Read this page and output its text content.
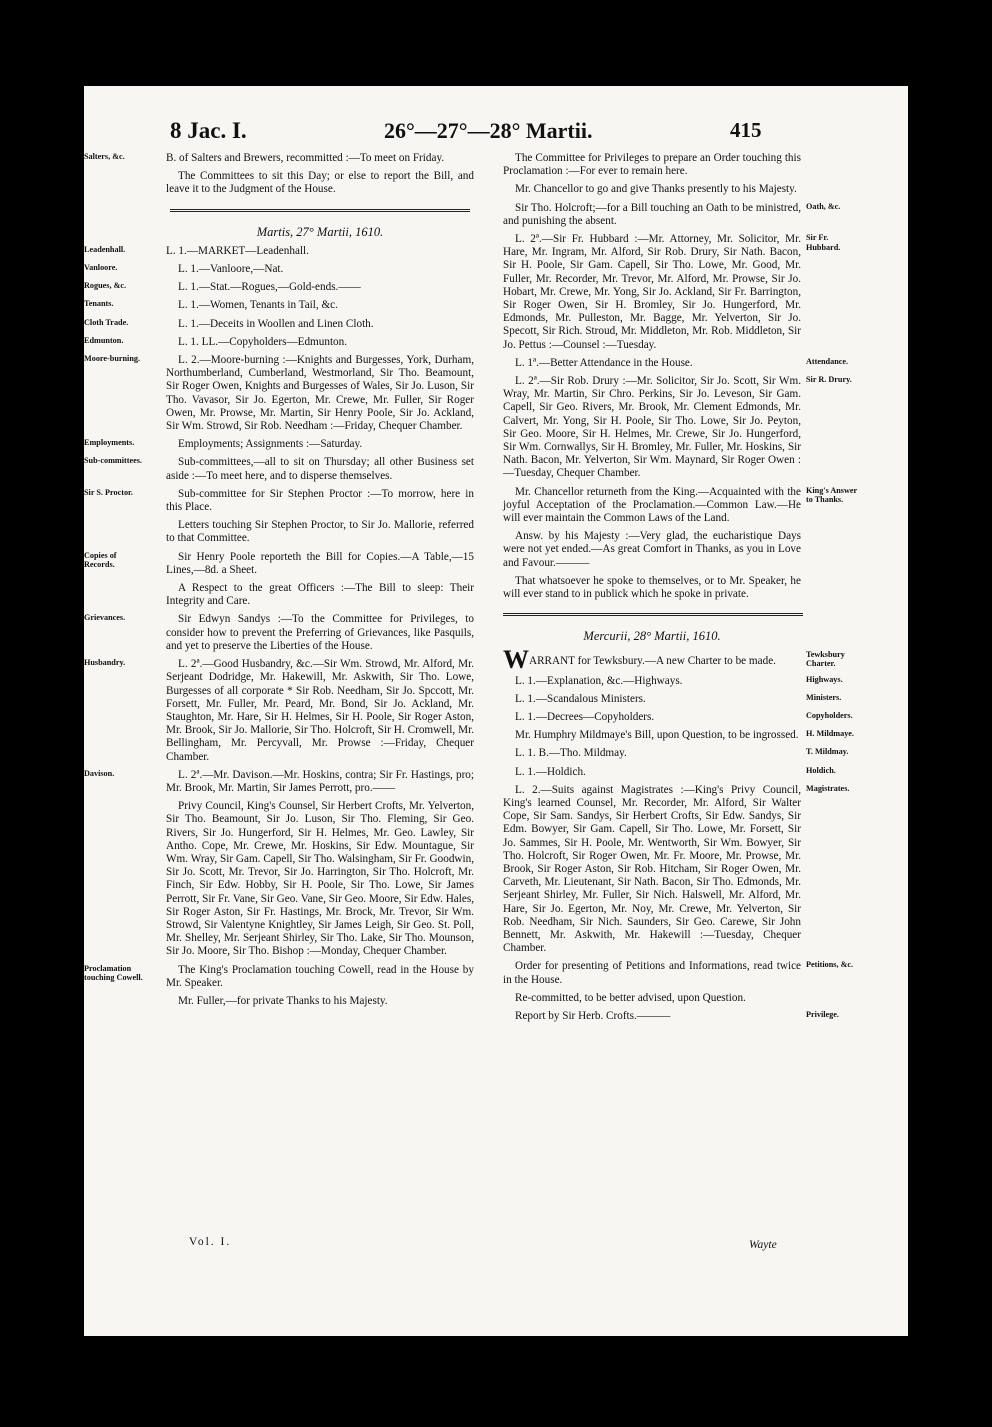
8 Jac. I.	26°—27°—28° Martii.	415

Salters, &c.	B. of Salters and Brewers, recommitted :—To meet on Friday.

The Committees to sit this Day; or else to report the Bill, and leave it to the Judgment of the House.

Martis, 27° Martii, 1610.

Leadenhall.	L. 1.—MARKET—Leadenhall.

Vanloore.	L. 1.—Vanloore,—Nat.

Rogues, &c.	L. 1.—Stat.—Rogues,—Gold-ends.——

Tenants.	L. 1.—Women, Tenants in Tail, &c.

Cloth Trade.	L. 1.—Deceits in Woollen and Linen Cloth.

Edmunton.	L. 1. LL.—Copyholders—Edmunton.

Moore-burning.	L. 2.—Moore-burning :—Knights and Burgesses, York, Durham, Northumberland, Cumberland, Westmorland, Sir Tho. Beamount, Sir Roger Owen, Knights and Burgesses of Wales, Sir Jo. Luson, Sir Tho. Vavasor, Sir Jo. Egerton, Mr. Crewe, Mr. Fuller, Sir Roger Owen, Mr. Prowse, Mr. Martin, Sir Henry Poole, Sir Jo. Ackland, Sir Wm. Strowd, Sir Rob. Needham :—Friday, Chequer Chamber.

Employments.	Employments; Assignments :—Saturday.

Sub-committees.	Sub-committees,—all to sit on Thursday; all other Business set aside :—To meet here, and to disperse themselves.

Sir S. Proctor.	Sub-committee for Sir Stephen Proctor :—To morrow, here in this Place.

Letters touching Sir Stephen Proctor, to Sir Jo. Mallorie, referred to that Committee.

Copies of Records.
Sir Henry Poole reporteth the Bill for Copies.—A Table,—15 Lines,—8d. a Sheet.

A Respect to the great Officers :—The Bill to sleep: Their Integrity and Care.

Grievances.	Sir Edwyn Sandys :—To the Committee for Privileges, to consider how to prevent the Preferring of Grievances, like Pasquils, and yet to preserve the Liberties of the House.

Husbandry.	L. 2ª.—Good Husbandry, &c.—Sir Wm. Strowd, Mr. Alford, Mr. Serjeant Dodridge, Mr. Hakewill, Mr. Askwith, Sir Tho. Lowe, Burgesses of all corporate * Sir Rob. Needham, Sir Jo. Spccott, Mr. Forsett, Mr. Fuller, Mr. Peard, Mr. Bond, Sir Jo. Ackland, Mr. Staughton, Mr. Hare, Sir H. Helmes, Sir H. Poole, Sir Roger Aston, Mr. Brook, Sir Jo. Mallorie, Sir Tho. Holcroft, Sir H. Cromwell, Mr. Bellingham, Mr. Percyvall, Mr. Prowse :—Friday, Chequer Chamber.

Davison.	L. 2ª.—Mr. Davison.—Mr. Hoskins, contra; Sir Fr. Hastings, pro; Mr. Brook, Mr. Martin, Sir James Perrott, pro.——

Privy Council, King's Counsel, Sir Herbert Crofts, Mr. Yelverton, Sir Tho. Beamount, Sir Jo. Luson, Sir Tho. Fleming, Sir Geo. Rivers, Sir Jo. Hungerford, Sir H. Helmes, Mr. Geo. Lawley, Sir Antho. Cope, Mr. Crewe, Mr. Hoskins, Sir Edw. Mountague, Sir Wm. Wray, Sir Gam. Capell, Sir Tho. Walsingham, Sir Fr. Goodwin, Sir Jo. Scott, Mr. Trevor, Sir Jo. Harrington, Sir Tho. Holcroft, Mr. Finch, Sir Edw. Hobby, Sir H. Poole, Sir Tho. Lowe, Sir James Perrott, Sir Fr. Vane, Sir Geo. Vane, Sir Geo. Moore, Sir Edw. Hales, Sir Roger Aston, Sir Fr. Hastings, Mr. Brock, Mr. Trevor, Sir Wm. Strowd, Sir Valentyne Knightley, Sir James Leigh, Sir Geo. St. Poll, Mr. Shelley, Mr. Serjeant Shirley, Sir Tho. Lake, Sir Tho. Mounson, Sir Jo. Moore, Sir Tho. Bishop :—Monday, Chequer Chamber.

Proclamation touching Cowell.
The King's Proclamation touching Cowell, read in the House by Mr. Speaker.

Mr. Fuller,—for private Thanks to his Majesty.

The Committee for Privileges to prepare an Order touching this Proclamation :—For ever to remain here.

Mr. Chancellor to go and give Thanks presently to his Majesty.

Oath, &c.
Sir Tho. Holcroft;—for a Bill touching an Oath to be ministred, and punishing the absent.

Sir Fr. Hubbard.
L. 2ª.—Sir Fr. Hubbard :—Mr. Attorney, Mr. Solicitor, Mr. Hare, Mr. Ingram, Mr. Alford, Sir Rob. Drury, Sir Nath. Bacon, Sir H. Poole, Sir Gam. Capell, Sir Tho. Lowe, Mr. Good, Mr. Fuller, Mr. Recorder, Mr. Trevor, Mr. Alford, Mr. Prowse, Sir Jo. Hobart, Mr. Crewe, Mr. Yong, Sir Jo. Ackland, Sir Fr. Barrington, Sir Roger Owen, Sir H. Bromley, Sir Jo. Hungerford, Mr. Edmonds, Mr. Pulleston, Mr. Bagge, Mr. Yelverton, Sir Jo. Specott, Sir Rich. Stroud, Mr. Middleton, Mr. Rob. Middleton, Sir Jo. Pettus :—Counsel :—Tuesday.

Attendance.
L. 1ª.—Better Attendance in the House.

Sir R. Drury.
L. 2ª.—Sir Rob. Drury :—Mr. Solicitor, Sir Jo. Scott, Sir Wm. Wray, Mr. Martin, Sir Chro. Perkins, Sir Jo. Leveson, Sir Gam. Capell, Sir Geo. Rivers, Mr. Brook, Mr. Clement Edmonds, Mr. Calvert, Mr. Yong, Sir H. Poole, Sir Tho. Lowe, Sir Jo. Peyton, Sir Geo. Moore, Sir H. Helmes, Mr. Crewe, Sir Jo. Hungerford, Sir Wm. Cornwallys, Sir H. Bromley, Mr. Fuller, Mr. Hoskins, Sir Nath. Bacon, Mr. Yelverton, Sir Wm. Maynard, Sir Roger Owen :—Tuesday, Chequer Chamber.

King's Answer to Thanks.
Mr. Chancellor returneth from the King.—Acquainted with the joyful Acceptation of the Proclamation.—Common Law.—He will ever maintain the Common Laws of the Land.

Answ. by his Majesty :—Very glad, the eucharistique Days were not yet ended.—As great Comfort in Thanks, as you in Love and Favour.———

That whatsoever he spoke to themselves, or to Mr. Speaker, he will ever stand to in publick which he spoke in private.

Mercurii, 28° Martii, 1610.

Tewksbury Charter.
WARRANT for Tewksbury.—A new Charter to be made.

Highways.
L. 1.—Explanation, &c.—Highways.

Ministers.
L. 1.—Scandalous Ministers.

Copyholders.
L. 1.—Decrees—Copyholders.

H. Mildmaye.
Mr. Humphry Mildmaye's Bill, upon Question, to be ingrossed.

T. Mildmay.
L. 1. B.—Tho. Mildmay.

Holdich.
L. 1.—Holdich.

Magistrates.
L. 2.—Suits against Magistrates :—King's Privy Council, King's learned Counsel, Mr. Recorder, Mr. Alford, Sir Walter Cope, Sir Sam. Sandys, Sir Herbert Crofts, Sir Edw. Sandys, Sir Edm. Bowyer, Sir Gam. Capell, Sir Tho. Lowe, Mr. Forsett, Sir Jo. Sammes, Sir H. Poole, Mr. Wentworth, Sir Wm. Bowyer, Sir Tho. Holcroft, Sir Roger Owen, Mr. Fr. Moore, Mr. Prowse, Mr. Brook, Sir Roger Aston, Sir Rob. Hitcham, Sir Roger Owen, Mr. Carveth, Mr. Lieutenant, Sir Nath. Bacon, Sir Tho. Edmonds, Mr. Serjeant Shirley, Mr. Fuller, Sir Nich. Halswell, Mr. Alford, Mr. Hare, Sir Jo. Egerton, Mr. Noy, Mr. Crewe, Mr. Yelverton, Sir Rob. Needham, Sir Nich. Saunders, Sir Geo. Carewe, Sir John Bennett, Mr. Askwith, Mr. Hakewill :—Tuesday, Chequer Chamber.

Petitions, &c.
Order for presenting of Petitions and Informations, read twice in the House.

Re-committed, to be better advised, upon Question.

Privilege.
Report by Sir Herb. Crofts.———

Vol. I.	Wayte
